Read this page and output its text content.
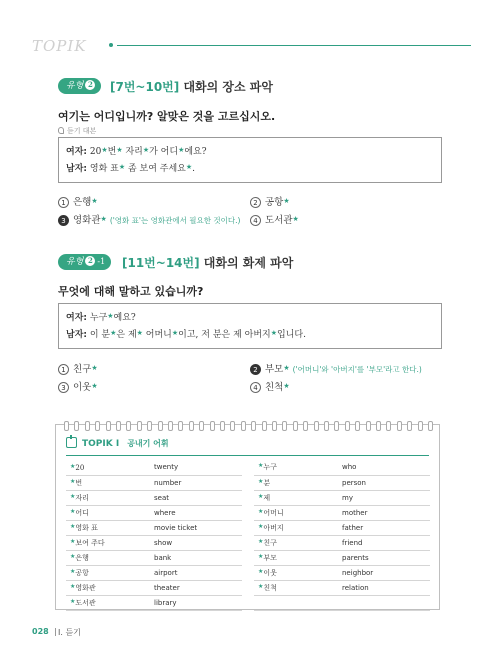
TOPIK
유형 2	[7번~10번] 대화의 장소 파악
여기는 어디입니까? 알맞은 것을 고르십시오.
듣기 대본
여자: 20★번★ 자리★가 어디★에요?
남자: 영화 표★ 좀 보여 주세요★.
1 은행★	2 공항★
3 영화관★ ('영화 표'는 영화관에서 필요한 것이다.)	4 도서관★
유형 2 -1	[11번~14번] 대화의 화제 파악
무엇에 대해 말하고 있습니까?
여자: 누구★예요?
남자: 이 분★은 제★ 어머니★이고, 저 분은 제 아버지★입니다.
1 친구★	2 부모★ ('어머니'와 '아버지'를 '부모'라고 한다.)
3 이웃★	4 친척★
TOPIK Ⅰ 공내기 어휘
★20	twenty
★번	number
★자리	seat
★어디	where
★영화 표	movie ticket
★보여 주다	show
★은행	bank
★공항	airport
★영화관	theater
★도서관	library
★누구	who
★분	person
★제	my
★어머니	mother
★아버지	father
★친구	friend
★부모	parents
★이웃	neighbor
★친척	relation

028 I. 듣기
